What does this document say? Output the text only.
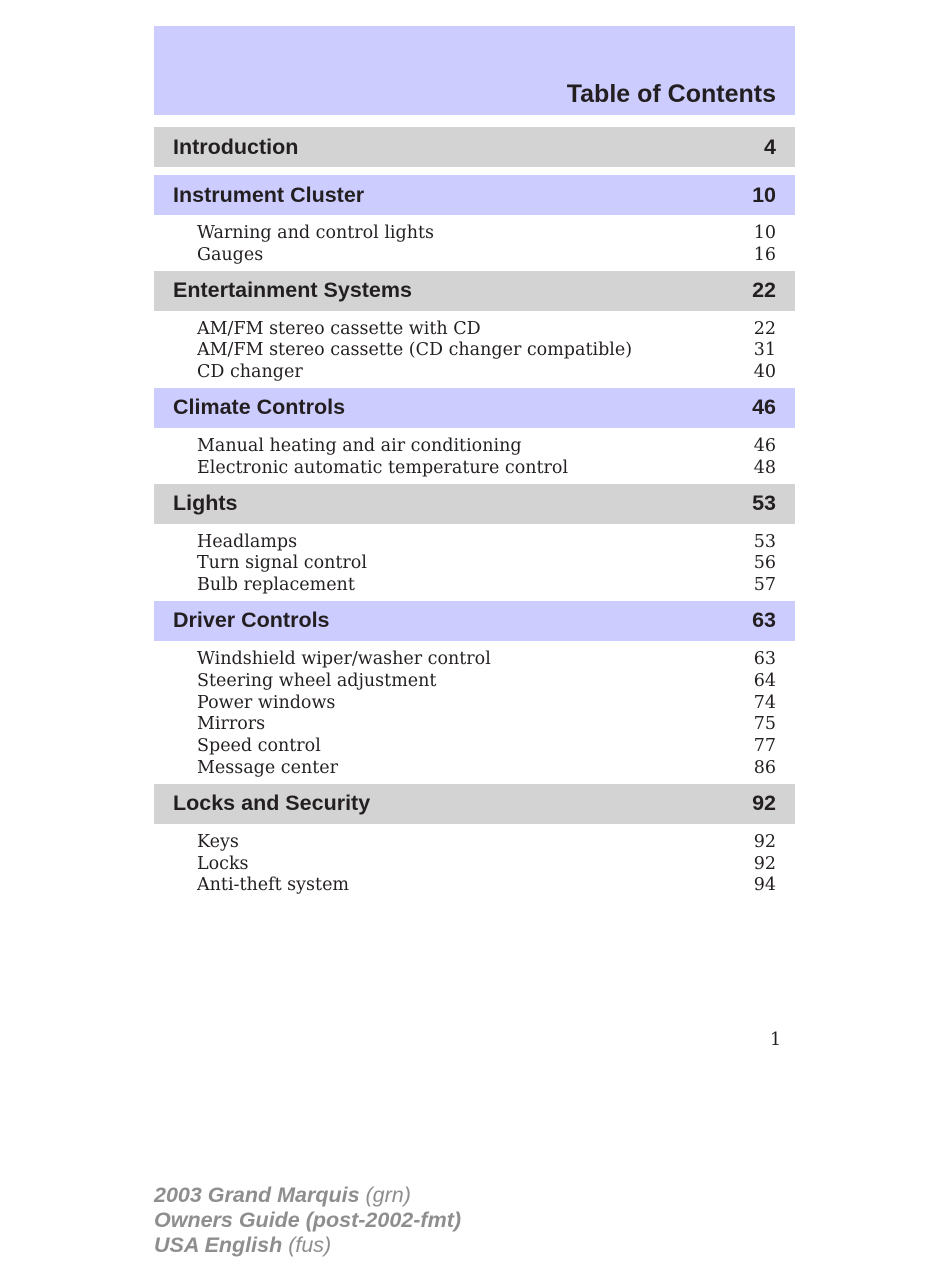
Table of Contents
Introduction	4
Instrument Cluster	10
Warning and control lights	10
Gauges	16
Entertainment Systems	22
AM/FM stereo cassette with CD	22
AM/FM stereo cassette (CD changer compatible)	31
CD changer	40
Climate Controls	46
Manual heating and air conditioning	46
Electronic automatic temperature control	48
Lights	53
Headlamps	53
Turn signal control	56
Bulb replacement	57
Driver Controls	63
Windshield wiper/washer control	63
Steering wheel adjustment	64
Power windows	74
Mirrors	75
Speed control	77
Message center	86
Locks and Security	92
Keys	92
Locks	92
Anti-theft system	94
1
2003 Grand Marquis (grn)
Owners Guide (post-2002-fmt)
USA English (fus)
